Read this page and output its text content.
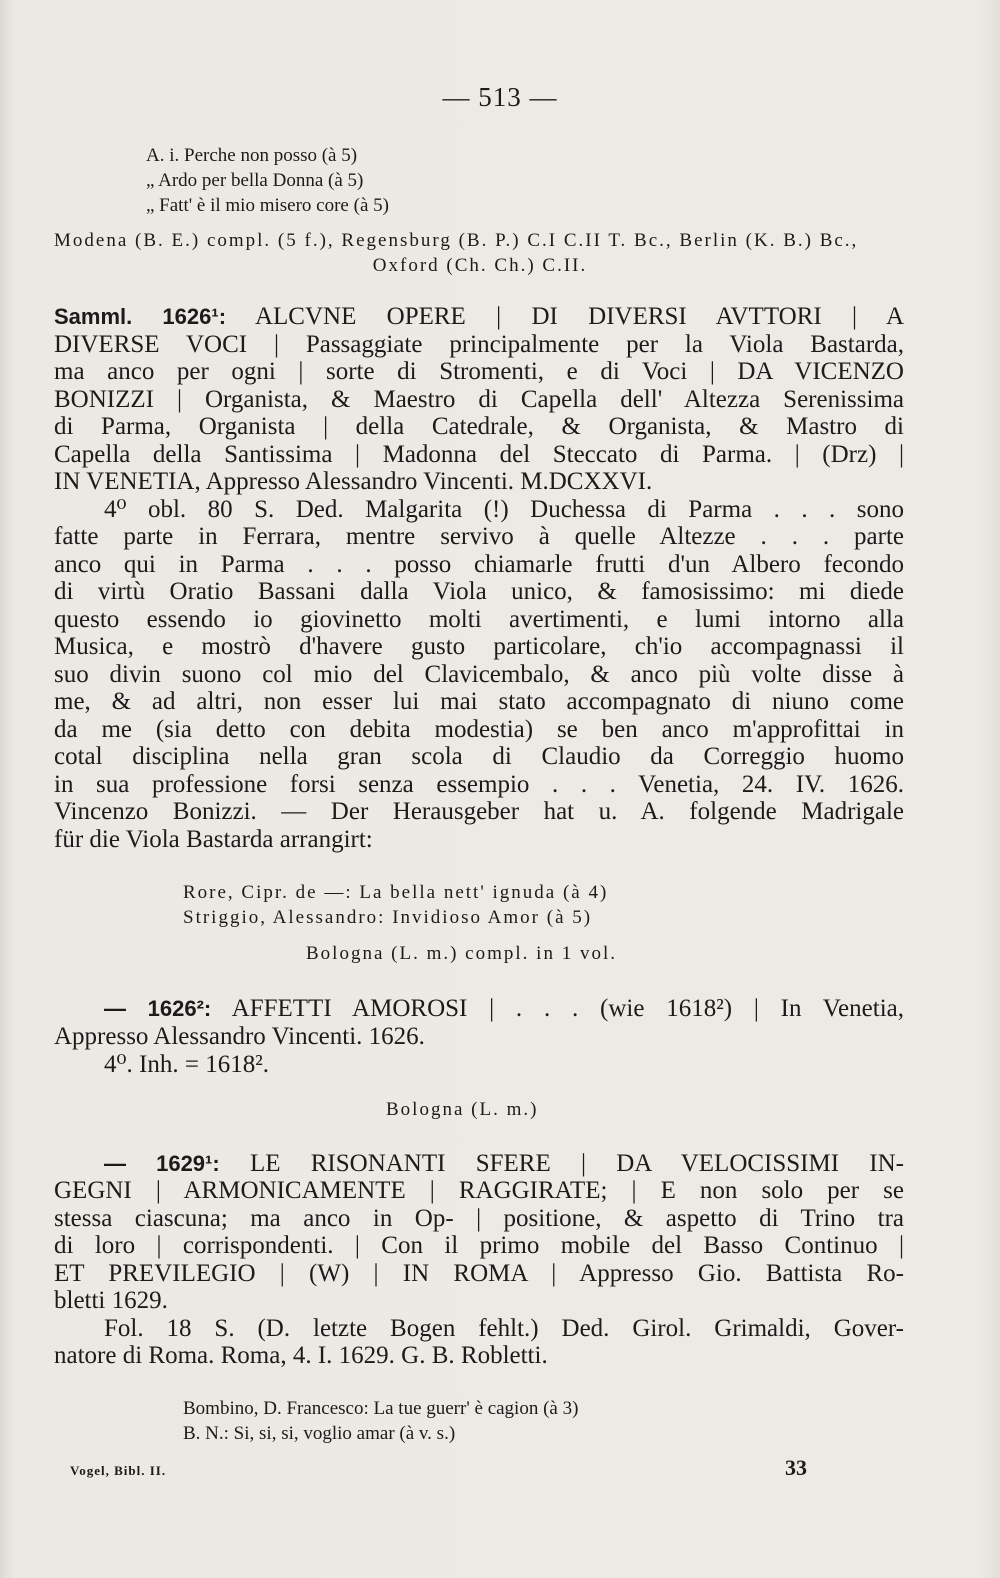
— 513 —
A. i. Perche non posso (à 5)
„ Ardo per bella Donna (à 5)
„ Fatt' è il mio misero core (à 5)
Modena (B. E.) compl. (5 f.), Regensburg (B. P.) C.I C.II T. Bc., Berlin (K. B.) Bc.,
Oxford (Ch. Ch.) C.II.
Samml. 1626¹: ALCVNE OPERE | DI DIVERSI AVTTORI | A
DIVERSE VOCI | Passaggiate principalmente per la Viola Bastarda,
ma anco per ogni | sorte di Stromenti, e di Voci | DA VICENZO
BONIZZI | Organista, & Maestro di Capella dell' Altezza Serenissima
di Parma, Organista | della Catedrale, & Organista, & Mastro di
Capella della Santissima | Madonna del Steccato di Parma. | (Drz) |
IN VENETIA, Appresso Alessandro Vincenti. M.DCXXVI.
4⁰ obl. 80 S. Ded. Malgarita (!) Duchessa di Parma . . . sono
fatte parte in Ferrara, mentre servivo à quelle Altezze . . . parte
anco qui in Parma . . . posso chiamarle frutti d'un Albero fecondo
di virtù Oratio Bassani dalla Viola unico, & famosissimo: mi diede
questo essendo io giovinetto molti avertimenti, e lumi intorno alla
Musica, e mostrò d'havere gusto particolare, ch'io accompagnassi il
suo divin suono col mio del Clavicembalo, & anco più volte disse à
me, & ad altri, non esser lui mai stato accompagnato di niuno come
da me (sia detto con debita modestia) se ben anco m'approfittai in
cotal disciplina nella gran scola di Claudio da Correggio huomo
in sua professione forsi senza essempio . . . Venetia, 24. IV. 1626.
Vincenzo Bonizzi. — Der Herausgeber hat u. A. folgende Madrigale
für die Viola Bastarda arrangirt:
Rore, Cipr. de —: La bella nett' ignuda (à 4)
Striggio, Alessandro: Invidioso Amor (à 5)
Bologna (L. m.) compl. in 1 vol.
— 1626²: AFFETTI AMOROSI | . . . (wie 1618²) | In Venetia,
Appresso Alessandro Vincenti. 1626.
4⁰. Inh. = 1618².
Bologna (L. m.)
— 1629¹: LE RISONANTI SFERE | DA VELOCISSIMI IN-
GEGNI | ARMONICAMENTE | RAGGIRATE; | E non solo per se
stessa ciascuna; ma anco in Op- | positione, & aspetto di Trino tra
di loro | corrispondenti. | Con il primo mobile del Basso Continuo |
ET PREVILEGIO | (W) | IN ROMA | Appresso Gio. Battista Ro-
bletti 1629.
Fol. 18 S. (D. letzte Bogen fehlt.) Ded. Girol. Grimaldi, Gover-
natore di Roma. Roma, 4. I. 1629. G. B. Robletti.
Bombino, D. Francesco: La tue guerr' è cagion (à 3)
B. N.: Si, si, si, voglio amar (à v. s.)
Vogel, Bibl. II.	33
